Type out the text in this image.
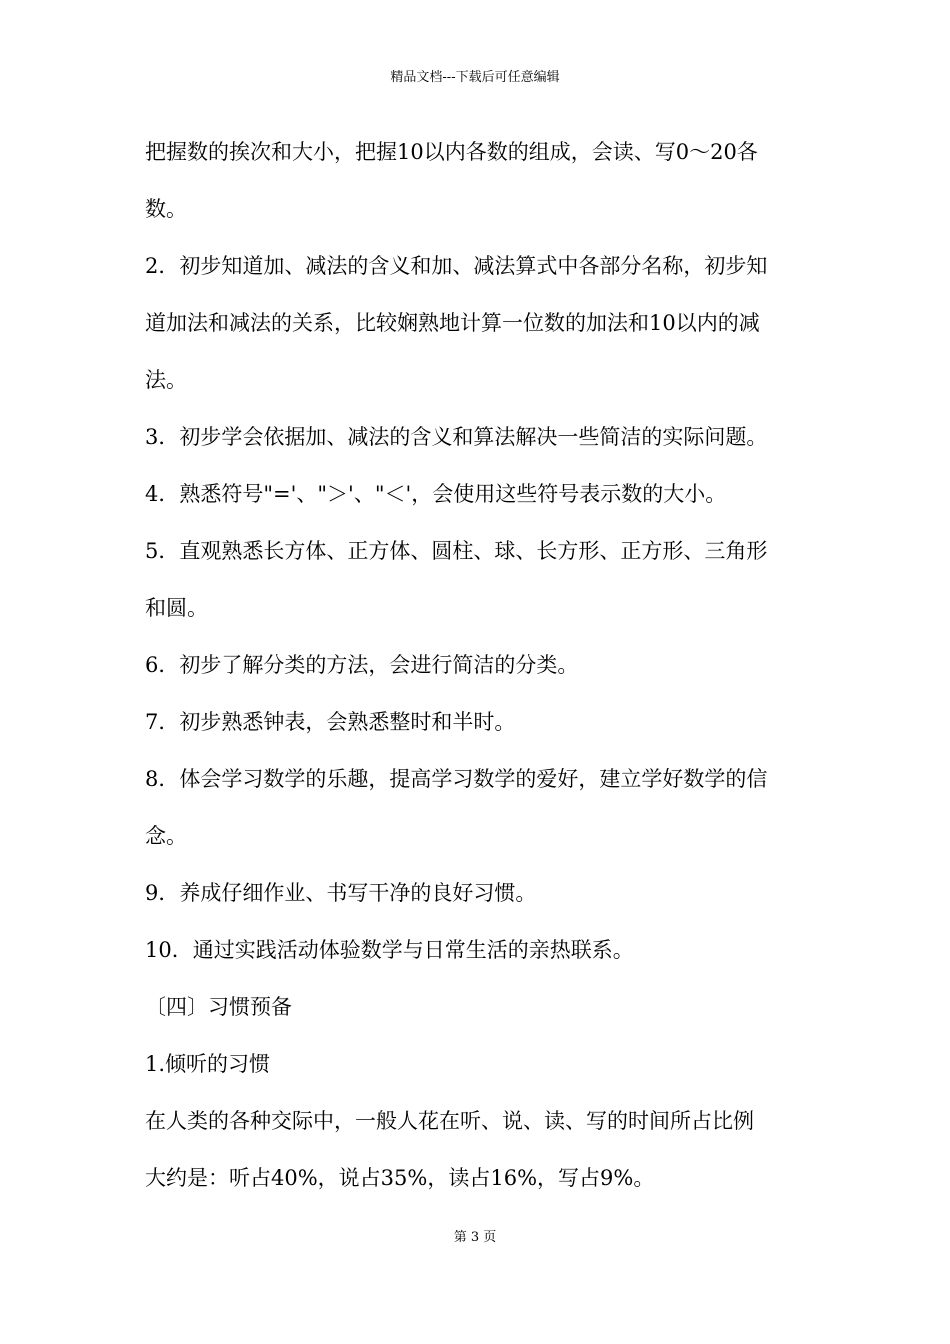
精品文档---下载后可任意编辑
把握数的挨次和大小，把握10以内各数的组成，会读、写0～20各
数。
2．初步知道加、减法的含义和加、减法算式中各部分名称，初步知
道加法和减法的关系，比较娴熟地计算一位数的加法和10以内的减
法。
3．初步学会依据加、减法的含义和算法解决一些简洁的实际问题。
4．熟悉符号"='、"＞'、"＜'，会使用这些符号表示数的大小。
5．直观熟悉长方体、正方体、圆柱、球、长方形、正方形、三角形
和圆。
6．初步了解分类的方法，会进行简洁的分类。
7．初步熟悉钟表，会熟悉整时和半时。
8．体会学习数学的乐趣，提高学习数学的爱好，建立学好数学的信
念。
9．养成仔细作业、书写干净的良好习惯。
10．通过实践活动体验数学与日常生活的亲热联系。
〔四〕习惯预备
1.倾听的习惯
在人类的各种交际中，一般人花在听、说、读、写的时间所占比例
大约是：听占40%，说占35%，读占16%，写占9%。
第 3 页
